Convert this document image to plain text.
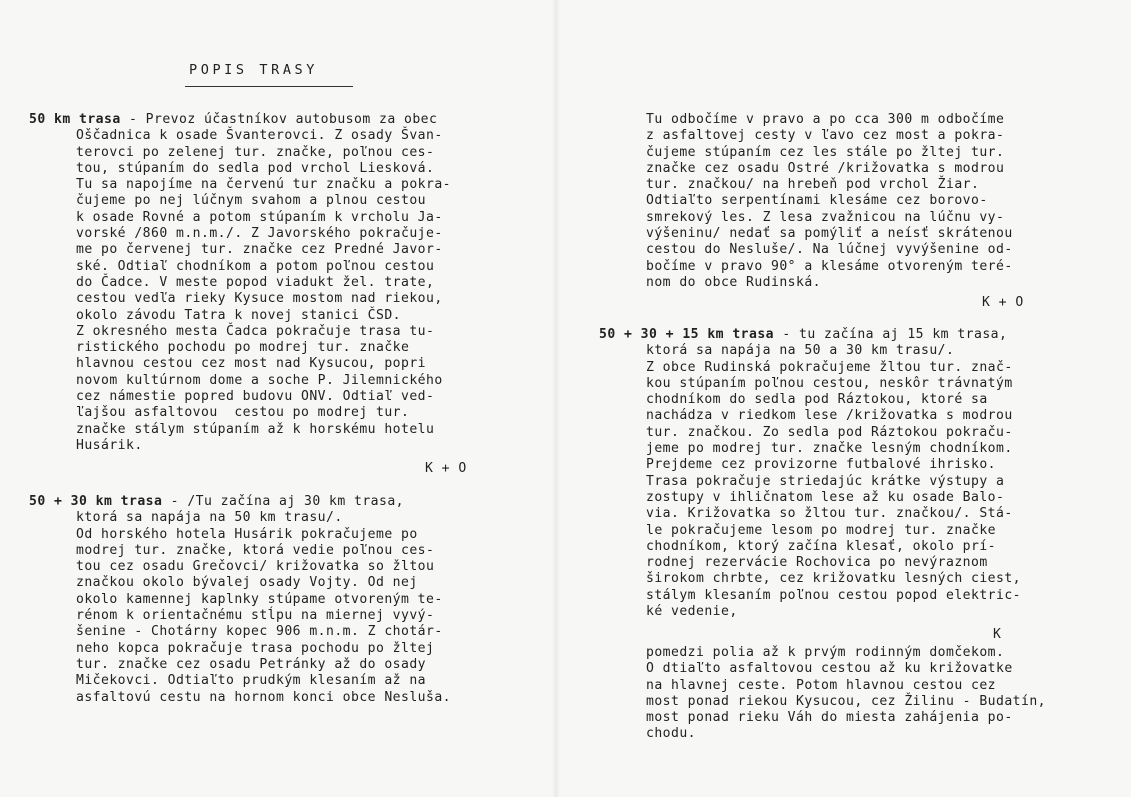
POPIS TRASY
50 km trasa - Prevoz účastníkov autobusom za obec
Oščadnica k osade Švanterovci. Z osady Švan-
terovci po zelenej tur. značke, poľnou ces-
tou, stúpaním do sedla pod vrchol Liesková.
Tu sa napojíme na červenú tur značku a pokra-
čujeme po nej lúčnym svahom a plnou cestou
k osade Rovné a potom stúpaním k vrcholu Ja-
vorské /860 m.n.m./. Z Javorského pokračuje-
me po červenej tur. značke cez Predné Javor-
ské. Odtiaľ chodníkom a potom poľnou cestou
do Čadce. V meste popod viadukt žel. trate,
cestou vedľa rieky Kysuce mostom nad riekou,
okolo závodu Tatra k novej stanici ČSD.
Z okresného mesta Čadca pokračuje trasa tu-
ristického pochodu po modrej tur. značke
hlavnou cestou cez most nad Kysucou, popri
novom kultúrnom dome a soche P. Jilemnického
cez námestie popred budovu ONV. Odtiaľ ved-
ľajšou asfaltovou  cestou po modrej tur.
značke stálym stúpaním až k horskému hotelu
Husárik.
K + O
50 + 30 km trasa - /Tu začína aj 30 km trasa,
ktorá sa napája na 50 km trasu/.
Od horského hotela Husárik pokračujeme po
modrej tur. značke, ktorá vedie poľnou ces-
tou cez osadu Grečovci/ križovatka so žltou
značkou okolo bývalej osady Vojty. Od nej
okolo kamennej kaplnky stúpame otvoreným te-
rénom k orientačnému stĺpu na miernej vyvý-
šenine - Chotárny kopec 906 m.n.m. Z chotár-
neho kopca pokračuje trasa pochodu po žltej
tur. značke cez osadu Petránky až do osady
Mičekovci. Odtiaľto prudkým klesaním až na
asfaltovú cestu na hornom konci obce Nesluša.
Tu odbočíme v pravo a po cca 300 m odbočíme
z asfaltovej cesty v ľavo cez most a pokra-
čujeme stúpaním cez les stále po žltej tur.
značke cez osadu Ostré /križovatka s modrou
tur. značkou/ na hrebeň pod vrchol Žiar.
Odtiaľto serpentínami klesáme cez borovo-
smrekový les. Z lesa zvažnicou na lúčnu vy-
výšeninu/ nedať sa pomýliť a neísť skrátenou
cestou do Nesluše/. Na lúčnej vyvýšenine od-
bočíme v pravo 90° a klesáme otvoreným teré-
nom do obce Rudinská.
K + O
50 + 30 + 15 km trasa - tu začína aj 15 km trasa,
ktorá sa napája na 50 a 30 km trasu/.
Z obce Rudinská pokračujeme žltou tur. znač-
kou stúpaním poľnou cestou, neskôr trávnatým
chodníkom do sedla pod Ráztokou, ktoré sa
nachádza v riedkom lese /križovatka s modrou
tur. značkou. Zo sedla pod Ráztokou pokraču-
jeme po modrej tur. značke lesným chodníkom.
Prejdeme cez provizorne futbalové ihrisko.
Trasa pokračuje striedajúc krátke výstupy a
zostupy v ihličnatom lese až ku osade Balo-
via. Križovatka so žltou tur. značkou/. Stá-
le pokračujeme lesom po modrej tur. značke
chodníkom, ktorý začína klesať, okolo prí-
rodnej rezervácie Rochovica po nevýraznom
širokom chrbte, cez križovatku lesných ciest,
stálym klesaním poľnou cestou popod elektric-
ké vedenie,
K
pomedzi polia až k prvým rodinným domčekom.
O dtiaľto asfaltovou cestou až ku križovatke
na hlavnej ceste. Potom hlavnou cestou cez
most ponad riekou Kysucou, cez Žilinu - Budatín,
most ponad rieku Váh do miesta zahájenia po-
chodu.
